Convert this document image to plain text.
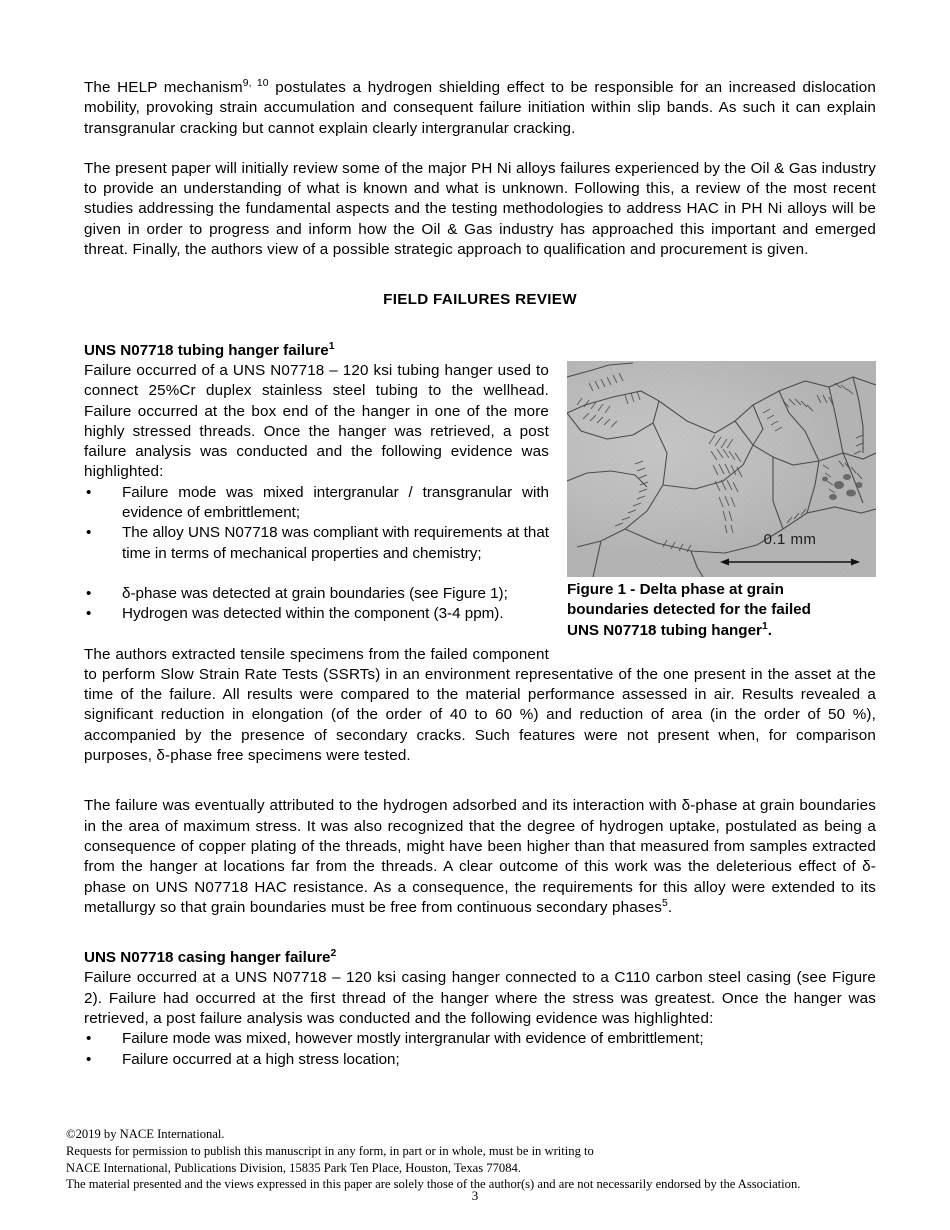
The HELP mechanism$^{9, 10}$ postulates a hydrogen shielding effect to be responsible for an increased dislocation mobility, provoking strain accumulation and consequent failure initiation within slip bands. As such it can explain transgranular cracking but cannot explain clearly intergranular cracking.

The present paper will initially review some of the major PH Ni alloys failures experienced by the Oil & Gas industry to provide an understanding of what is known and what is unknown. Following this, a review of the most recent studies addressing the fundamental aspects and the testing methodologies to address HAC in PH Ni alloys will be given in order to progress and inform how the Oil & Gas industry has approached this important and emerged threat. Finally, the authors view of a possible strategic approach to qualification and procurement is given.

FIELD FAILURES REVIEW
UNS N07718 tubing hanger failure$^1$
0.1 mm
Figure 1 - Delta phase at grain
boundaries detected for the failed
UNS N07718 tubing hanger$^1$.

Failure occurred of a UNS N07718 – 120 ksi tubing hanger used to connect 25%Cr duplex stainless steel tubing to the wellhead. Failure occurred at the box end of the hanger in one of the more highly stressed threads. Once the hanger was retrieved, a post failure analysis was conducted and the following evidence was highlighted:

• Failure mode was mixed intergranular / transgranular with evidence of embrittlement;
• The alloy UNS N07718 was compliant with requirements at that time in terms of mechanical properties and chemistry;
• δ-phase was detected at grain boundaries (see Figure 1);
• Hydrogen was detected within the component (3-4 ppm).

The authors extracted tensile specimens from the failed component to perform Slow Strain Rate Tests (SSRTs) in an environment representative of the one present in the asset at the time of the failure. All results were compared to the material performance assessed in air. Results revealed a significant reduction in elongation (of the order of 40 to 60 %) and reduction of area (in the order of 50 %), accompanied by the presence of secondary cracks. Such features were not present when, for comparison purposes, δ-phase free specimens were tested.

The failure was eventually attributed to the hydrogen adsorbed and its interaction with δ-phase at grain boundaries in the area of maximum stress. It was also recognized that the degree of hydrogen uptake, postulated as being a consequence of copper plating of the threads, might have been higher than that measured from samples extracted from the hanger at locations far from the threads. A clear outcome of this work was the deleterious effect of δ-phase on UNS N07718 HAC resistance. As a consequence, the requirements for this alloy were extended to its metallurgy so that grain boundaries must be free from continuous secondary phases$^5$.

UNS N07718 casing hanger failure$^2$

Failure occurred at a UNS N07718 – 120 ksi casing hanger connected to a C110 carbon steel casing (see Figure 2). Failure had occurred at the first thread of the hanger where the stress was greatest. Once the hanger was retrieved, a post failure analysis was conducted and the following evidence was highlighted:

• Failure mode was mixed, however mostly intergranular with evidence of embrittlement;
• Failure occurred at a high stress location;
©2019 by NACE International.
Requests for permission to publish this manuscript in any form, in part or in whole, must be in writing to
NACE International, Publications Division, 15835 Park Ten Place, Houston, Texas 77084.
The material presented and the views expressed in this paper are solely those of the author(s) and are not necessarily endorsed by the Association.
3
